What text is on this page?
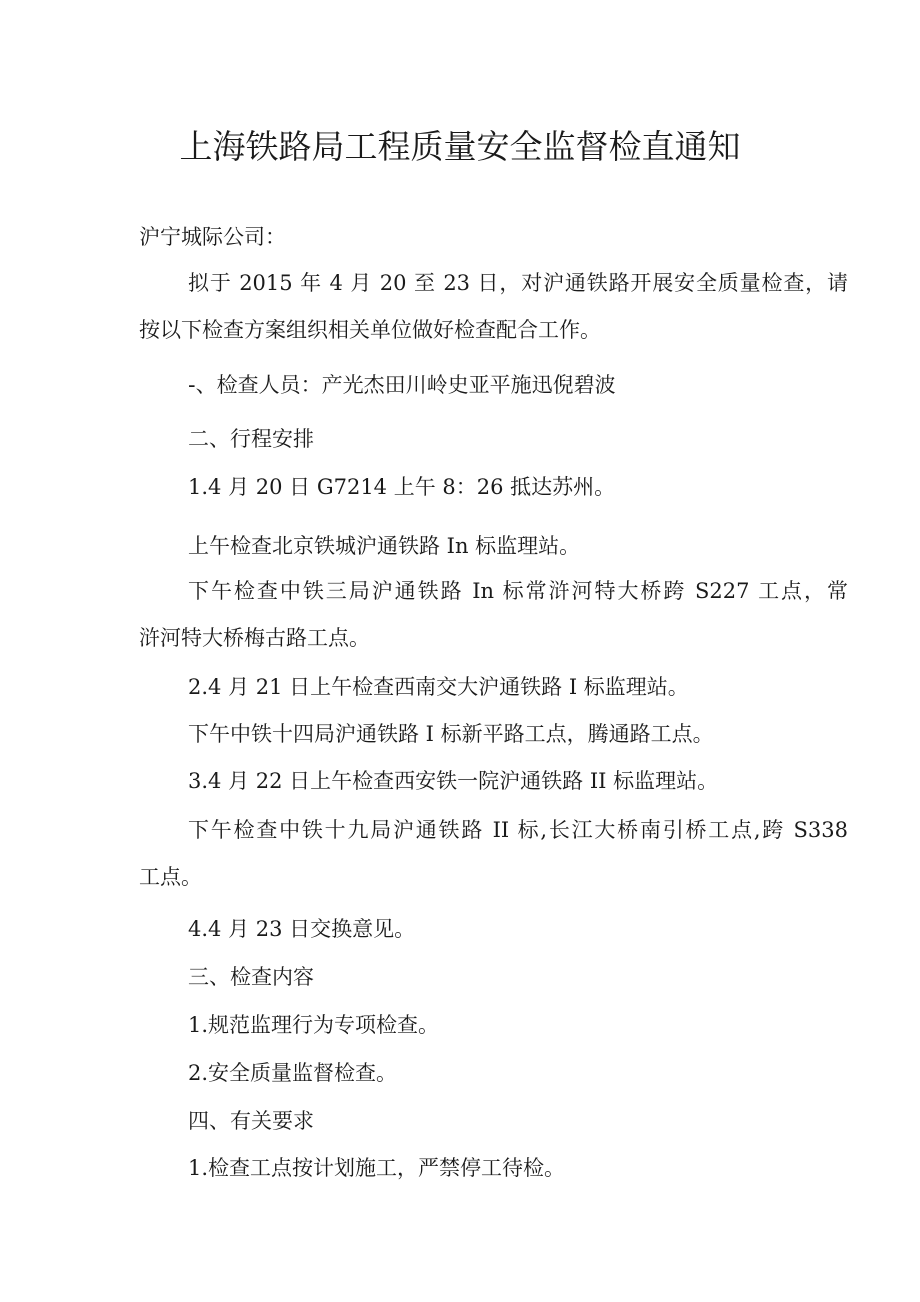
上海铁路局工程质量安全监督检直通知
沪宁城际公司：
拟于 2015 年 4 月 20 至 23 日，对沪通铁路开展安全质量检查，请
按以下检查方案组织相关单位做好检查配合工作。
-、检查人员：产光杰田川岭史亚平施迅倪碧波
二、行程安排
1.4 月 20 日 G7214 上午 8：26 抵达苏州。
上午检查北京铁城沪通铁路 In 标监理站。
下午检查中铁三局沪通铁路 In 标常浒河特大桥跨 S227 工点，常
浒河特大桥梅古路工点。
2.4 月 21 日上午检查西南交大沪通铁路 I 标监理站。
下午中铁十四局沪通铁路 I 标新平路工点，腾通路工点。
3.4 月 22 日上午检查西安铁一院沪通铁路 II 标监理站。
下午检查中铁十九局沪通铁路 II 标,长江大桥南引桥工点,跨 S338
工点。
4.4 月 23 日交换意见。
三、检查内容
1.规范监理行为专项检查。
2.安全质量监督检查。
四、有关要求
1.检查工点按计划施工，严禁停工待检。
